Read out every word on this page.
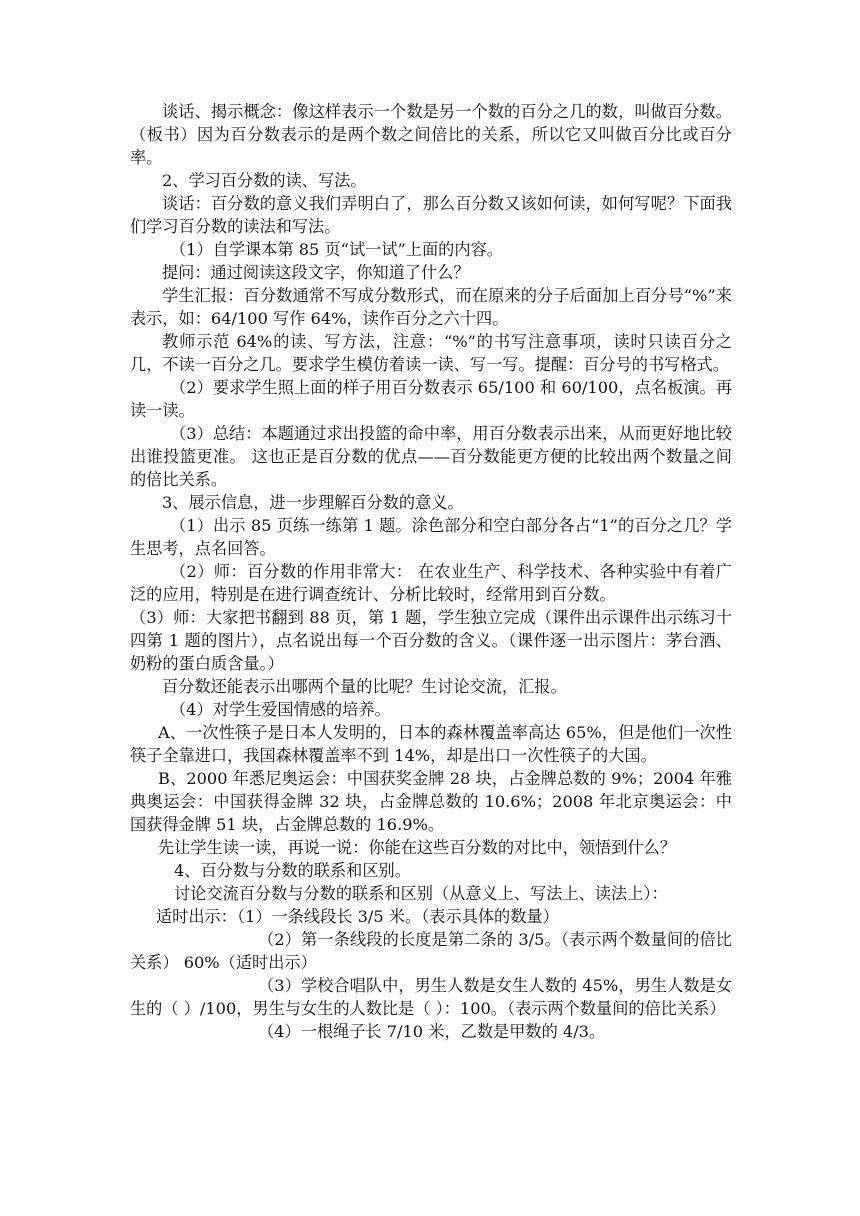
谈话、揭示概念：像这样表示一个数是另一个数的百分之几的数，叫做百分数。（板书）因为百分数表示的是两个数之间倍比的关系，所以它又叫做百分比或百分率。

2、学习百分数的读、写法。

谈话：百分数的意义我们弄明白了，那么百分数又该如何读，如何写呢？下面我们学习百分数的读法和写法。

（1）自学课本第 85 页“试一试”上面的内容。

提问：通过阅读这段文字，你知道了什么？

学生汇报：百分数通常不写成分数形式，而在原来的分子后面加上百分号“%”来表示，如：64/100 写作 64%，读作百分之六十四。

教师示范 64%的读、写方法，注意：“%”的书写注意事项，读时只读百分之几，不读一百分之几。要求学生模仿着读一读、写一写。提醒：百分号的书写格式。

（2）要求学生照上面的样子用百分数表示 65/100 和 60/100，点名板演。再读一读。

（3）总结：本题通过求出投篮的命中率，用百分数表示出来，从而更好地比较出谁投篮更准。 这也正是百分数的优点——百分数能更方便的比较出两个数量之间的倍比关系。

3、展示信息，进一步理解百分数的意义。

（1）出示 85 页练一练第 1 题。涂色部分和空白部分各占“1”的百分之几？学生思考，点名回答。

（2）师：百分数的作用非常大： 在农业生产、科学技术、各种实验中有着广泛的应用，特别是在进行调查统计、分析比较时，经常用到百分数。

（3）师：大家把书翻到 88 页，第 1 题，学生独立完成（课件出示课件出示练习十四第 1 题的图片），点名说出每一个百分数的含义。（课件逐一出示图片：茅台酒、奶粉的蛋白质含量。）

百分数还能表示出哪两个量的比呢？生讨论交流，汇报。

（4）对学生爱国情感的培养。

A、一次性筷子是日本人发明的，日本的森林覆盖率高达 65%，但是他们一次性筷子全靠进口，我国森林覆盖率不到 14%，却是出口一次性筷子的大国。

B、2000 年悉尼奥运会：中国获奖金牌 28 块，占金牌总数的 9%；2004 年雅典奥运会：中国获得金牌 32 块，占金牌总数的 10.6%；2008 年北京奥运会：中国获得金牌 51 块，占金牌总数的 16.9%。

先让学生读一读，再说一说：你能在这些百分数的对比中，领悟到什么？

4、百分数与分数的联系和区别。

讨论交流百分数与分数的联系和区别（从意义上、写法上、读法上）：

适时出示：（1）一条线段长 3/5 米。（表示具体的数量）

（2）第一条线段的长度是第二条的 3/5。（表示两个数量间的倍比关系） 60%（适时出示）

（3）学校合唱队中，男生人数是女生人数的 45%，男生人数是女生的（ ）/100，男生与女生的人数比是（ ）：100。（表示两个数量间的倍比关系）

（4）一根绳子长 7/10 米，乙数是甲数的 4/3。
